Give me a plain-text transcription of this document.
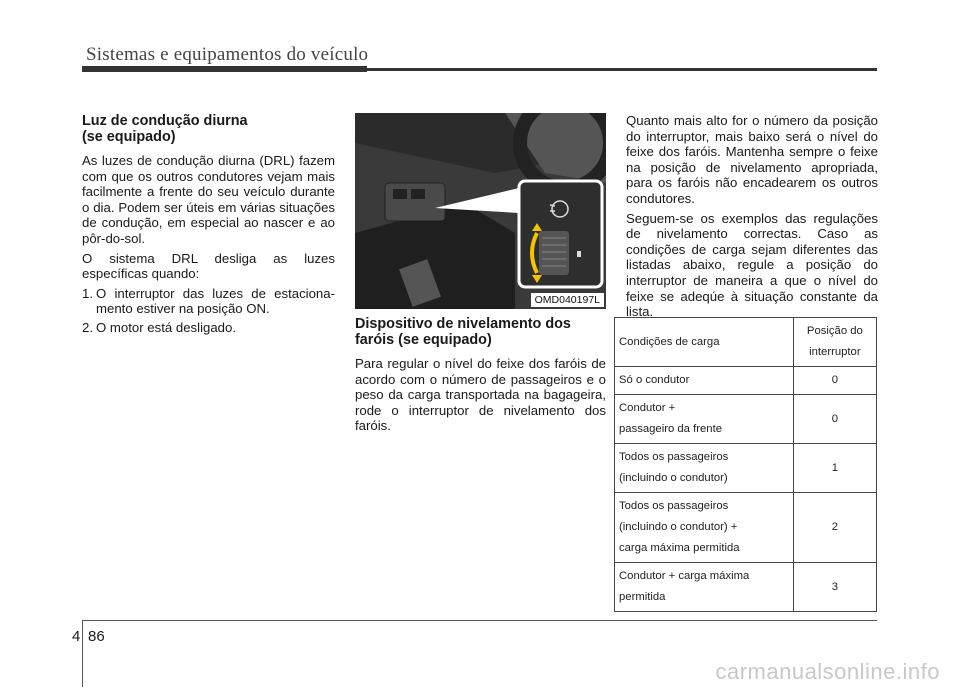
Sistemas e equipamentos do veículo
Luz de condução diurna
(se equipado)

As luzes de condução diurna (DRL) fazem com que os outros condutores vejam mais facilmente a frente do seu veículo durante o dia. Podem ser úteis em várias situações de condução, em especial ao nascer e ao pôr-do-sol.

O sistema DRL desliga as luzes específicas quando:

1. O interruptor das luzes de estaciona-mento estiver na posição ON.
2. O motor está desligado.
OMD040197L
Dispositivo de nivelamento dos
faróis (se equipado)

Para regular o nível do feixe dos faróis de acordo com o número de passageiros e o peso da carga transportada na bagageira, rode o interruptor de nivelamento dos faróis.

Quanto mais alto for o número da posição do interruptor, mais baixo será o nível do feixe dos faróis. Mantenha sempre o feixe na posição de nivelamento apropriada, para os faróis não encadearem os outros condutores.

Seguem-se os exemplos das regulações de nivelamento correctas. Caso as condições de carga sejam diferentes das listadas abaixo, regule a posição do interruptor de maneira a que o nível do feixe se adeqúe à situação constante da lista.

Condições de carga	Posição do
interruptor
Só o condutor	0
Condutor +
passageiro da frente	0
Todos os passageiros
(incluindo o condutor)	1
Todos os passageiros
(incluindo o condutor) +
carga máxima permitida	2
Condutor + carga máxima
permitida	3
4 86
carmanualsonline.info
